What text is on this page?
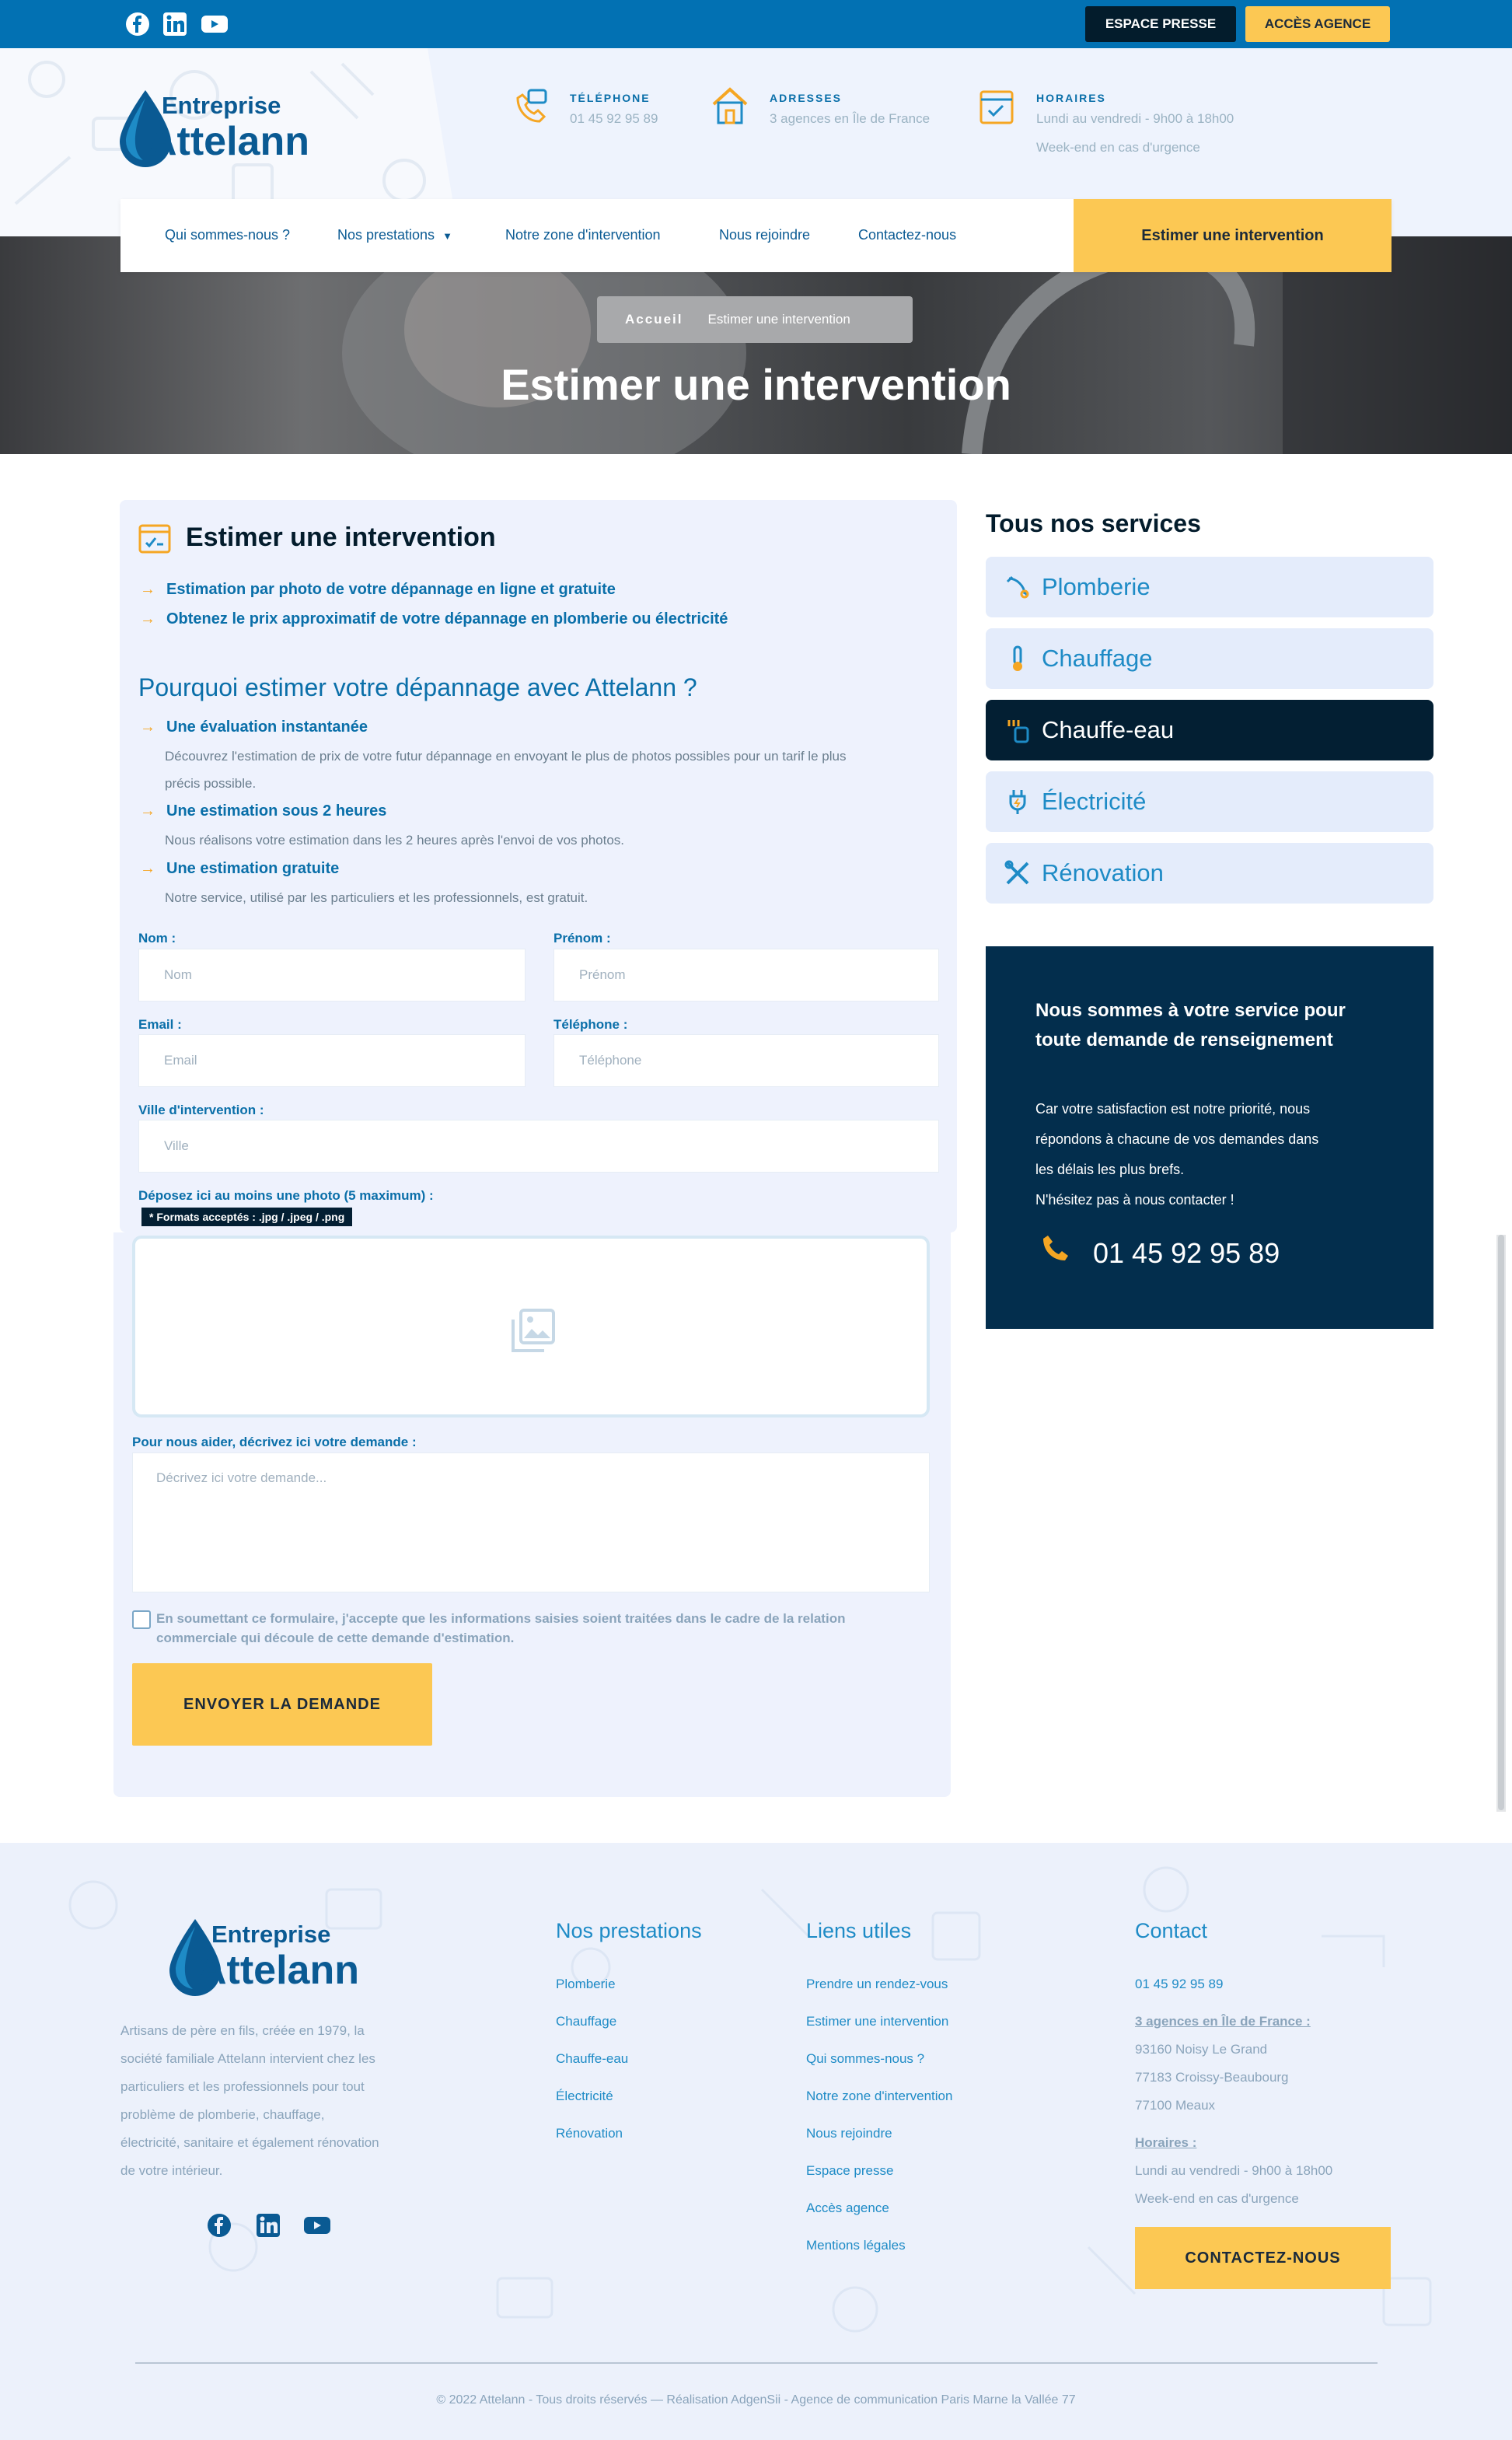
ESPACE PRESSE	ACCÈS AGENCE
Entreprise
Attelann
TÉLÉPHONE
01 45 92 95 89
ADRESSES
3 agences en Île de France
HORAIRES
Lundi au vendredi - 9h00 à 18h00
Week-end en cas d'urgence
Accueil Estimer une intervention
Estimer une intervention
Qui sommes-nous ?	Nos prestations ▼	Notre zone d'intervention	Nous rejoindre	Contactez-nous	Estimer une intervention
Estimer une intervention
→ Estimation par photo de votre dépannage en ligne et gratuite
→ Obtenez le prix approximatif de votre dépannage en plomberie ou électricité
Pourquoi estimer votre dépannage avec Attelann ?
→ Une évaluation instantanée
Découvrez l'estimation de prix de votre futur dépannage en envoyant le plus de photos possibles pour un tarif le plus
précis possible.
→ Une estimation sous 2 heures
Nous réalisons votre estimation dans les 2 heures après l'envoi de vos photos.
→ Une estimation gratuite
Notre service, utilisé par les particuliers et les professionnels, est gratuit.
Nom :
Nom
Prénom :
Prénom
Email :
Email
Téléphone :
Téléphone
Ville d'intervention :
Ville
Déposez ici au moins une photo (5 maximum) :
* Formats acceptés : .jpg / .jpeg / .png
Pour nous aider, décrivez ici votre demande :
Décrivez ici votre demande...
En soumettant ce formulaire, j'accepte que les informations saisies soient traitées dans le cadre de la relation
commerciale qui découle de cette demande d'estimation.
ENVOYER LA DEMANDE
Tous nos services
Plomberie
Chauffage
Chauffe-eau
Électricité
Rénovation
Nous sommes à votre service pour
toute demande de renseignement
Car votre satisfaction est notre priorité, nous
répondons à chacune de vos demandes dans
les délais les plus brefs.
N'hésitez pas à nous contacter !
01 45 92 95 89
Entreprise
Attelann
Artisans de père en fils, créée en 1979, la
société familiale Attelann intervient chez les
particuliers et les professionnels pour tout
problème de plomberie, chauffage,
électricité, sanitaire et également rénovation
de votre intérieur.
Nos prestations
Plomberie
Chauffage
Chauffe-eau
Électricité
Rénovation
Liens utiles
Prendre un rendez-vous
Estimer une intervention
Qui sommes-nous ?
Notre zone d'intervention
Nous rejoindre
Espace presse
Accès agence
Mentions légales
Contact
01 45 92 95 89
3 agences en Île de France :
93160 Noisy Le Grand
77183 Croissy-Beaubourg
77100 Meaux
Horaires :
Lundi au vendredi - 9h00 à 18h00
Week-end en cas d'urgence
CONTACTEZ-NOUS
© 2022 Attelann - Tous droits réservés — Réalisation AdgenSii - Agence de communication Paris Marne la Vallée 77
